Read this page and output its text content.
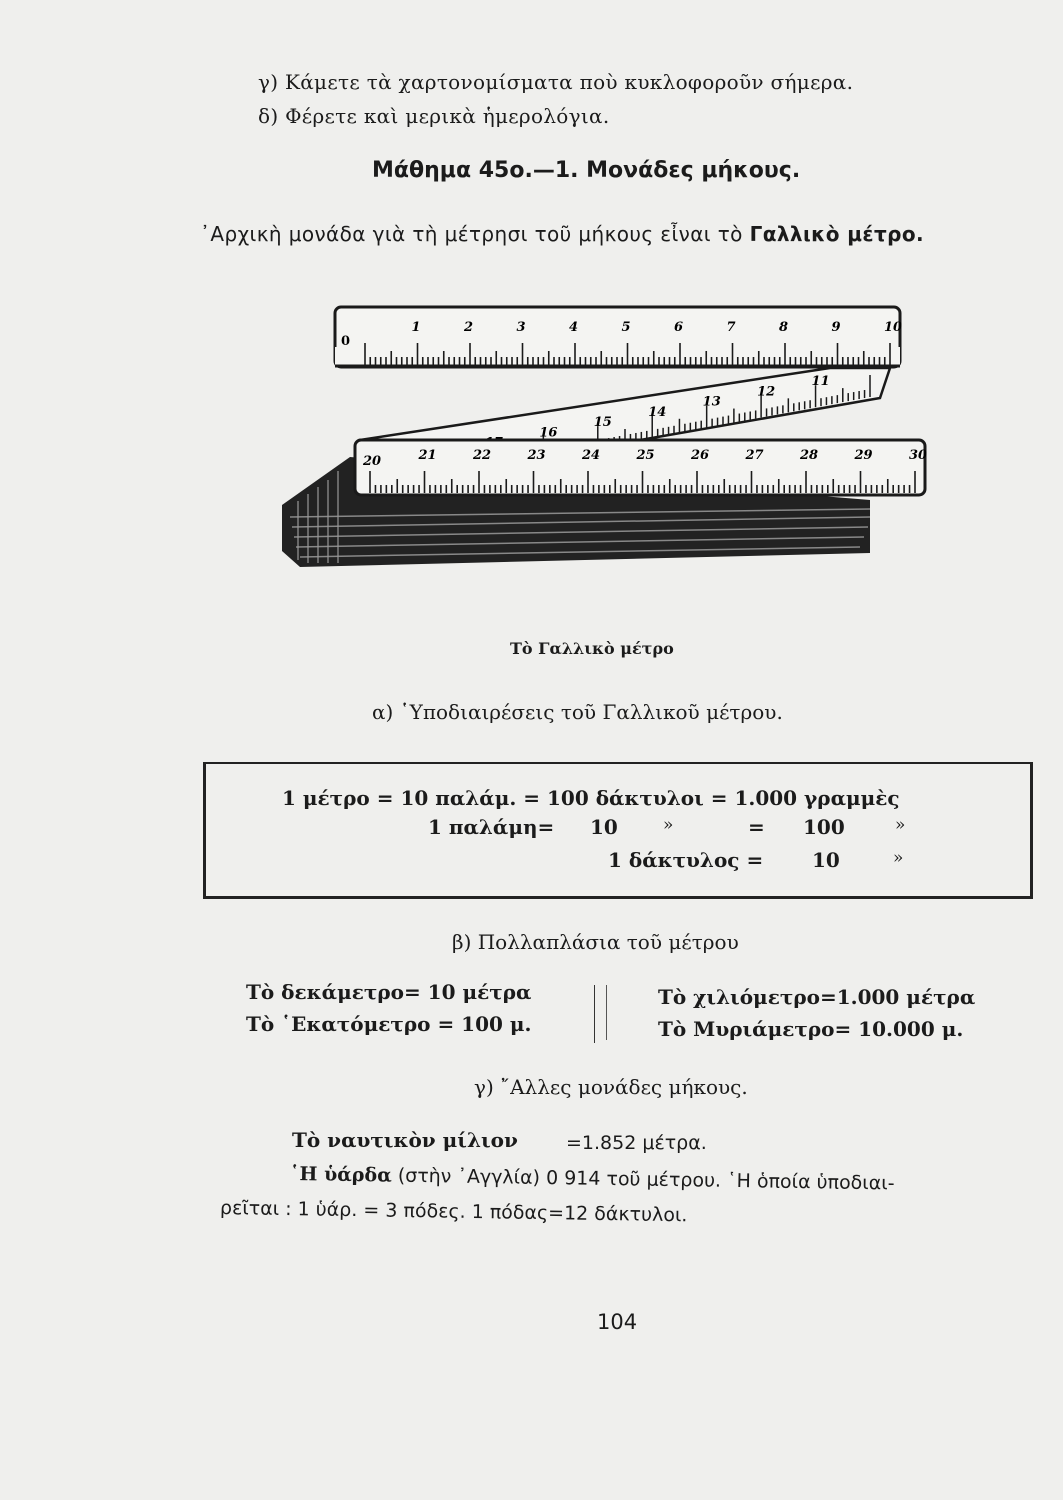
γ) Κάμετε τὰ χαρτονομίσματα ποὺ κυκλοφοροῦν σήμερα.
δ) Φέρετε καὶ μερικὰ ἡμερολόγια.
Μάθημα 45ο.—1. Μονάδες μήκους.
᾿Αρχικὴ μονάδα γιὰ τὴ μέτρησι τοῦ μήκους εἶναι τὸ Γαλλικὸ μέτρο.
0
1	2	3	4	5	6	7	8	9	10
11
12
13
14
15
16
21	22	23	24	25	26	27	28	29	30
20
Τὸ Γαλλικὸ μέτρο
α) ῾Υποδιαιρέσεις τοῦ Γαλλικοῦ μέτρου.
1 μέτρο = 10 παλάμ. = 100 δάκτυλοι = 1.000 γραμμὲς
1 παλάμη= 10	»	= 100	»
1 δάκτυλος = 10	»
β) Πολλαπλάσια τοῦ μέτρου
Τὸ δεκάμετρο= 10 μέτρα
Τὸ ῾Εκατόμετρο = 100 μ.
Τὸ χιλιόμετρο=1.000 μέτρα
Τὸ Μυριάμετρο= 10.000 μ.
γ) ῎Αλλες μονάδες μήκους.
Τὸ ναυτικὸν μίλιον	=1.852 μέτρα.
῾Η ὑάρδα (στὴν ᾿Αγγλία) 0 914 τοῦ μέτρου. ῾Η ὁποία ὑποδιαι-
ρεῖται : 1 ὑάρ. = 3 πόδες. 1 πόδας=12 δάκτυλοι.
104
